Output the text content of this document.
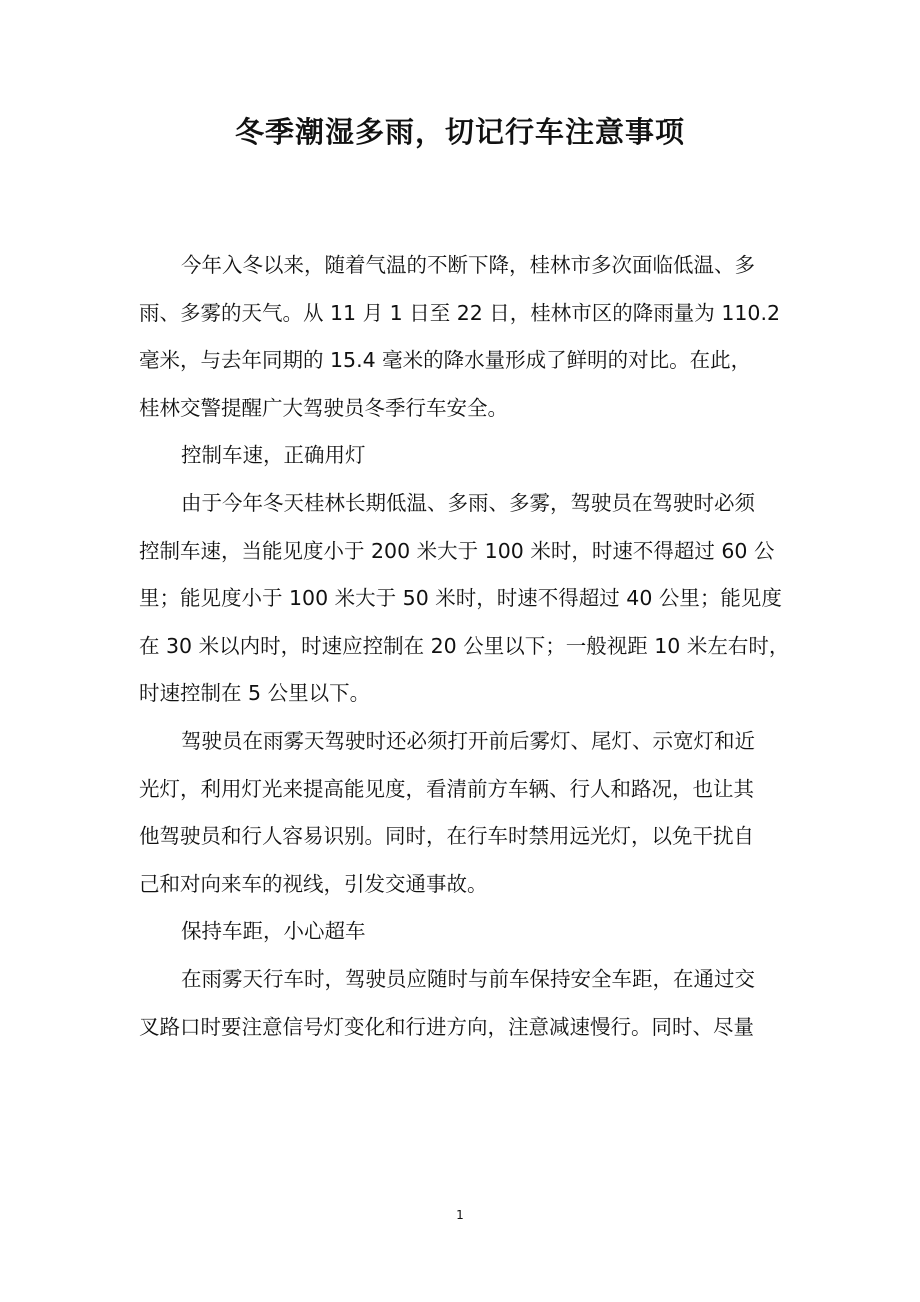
冬季潮湿多雨，切记行车注意事项
今年入冬以来，随着气温的不断下降，桂林市多次面临低温、多
雨、多雾的天气。从 11 月 1 日至 22 日，桂林市区的降雨量为 110.2
毫米，与去年同期的 15.4 毫米的降水量形成了鲜明的对比。在此，
桂林交警提醒广大驾驶员冬季行车安全。
控制车速，正确用灯
由于今年冬天桂林长期低温、多雨、多雾，驾驶员在驾驶时必须
控制车速，当能见度小于 200 米大于 100 米时，时速不得超过 60 公
里；能见度小于 100 米大于 50 米时，时速不得超过 40 公里；能见度
在 30 米以内时，时速应控制在 20 公里以下；一般视距 10 米左右时，
时速控制在 5 公里以下。
驾驶员在雨雾天驾驶时还必须打开前后雾灯、尾灯、示宽灯和近
光灯，利用灯光来提高能见度，看清前方车辆、行人和路况，也让其
他驾驶员和行人容易识别。同时，在行车时禁用远光灯，以免干扰自
己和对向来车的视线，引发交通事故。
保持车距，小心超车
在雨雾天行车时，驾驶员应随时与前车保持安全车距，在通过交
叉路口时要注意信号灯变化和行进方向，注意减速慢行。同时、尽量
1
